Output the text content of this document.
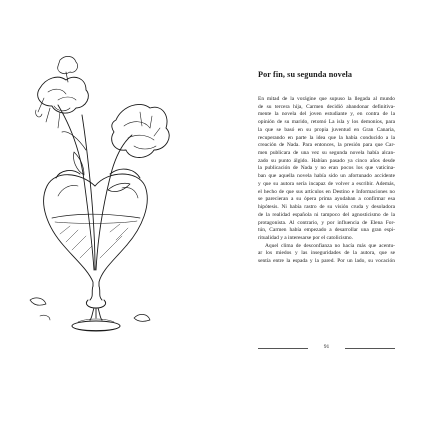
Por fin, su segunda novela
En mitad de la vorágine que supuso la llegada al mundo
de su tercera hija, Carmen decidió abandonar definitiva-
mente la novela del joven estudiante y, en contra de la
opinión de su marido, retomó La isla y los demonios, para
la que se basó en su propia juventud en Gran Canaria,
recuperando en parte la idea que la había conducido a la
creación de Nada. Para entonces, la presión para que Car-
men publicara de una vez su segunda novela había alcan-
zado su punto álgido. Habían pasado ya cinco años desde
la publicación de Nada y no eran pocos los que vaticina-
ban que aquella novela había sido un afortunado accidente
y que su autora sería incapaz de volver a escribir. Además,
el hecho de que sus artículos en Destino e Informaciones no
se parecieran a su ópera prima ayudaban a confirmar esa
hipótesis. Ni había rastro de su visión cruda y desoladora
de la realidad española ni tampoco del agnosticismo de la
protagonista. Al contrario, y por influencia de Elena For-
tún, Carmen había empezado a desarrollar una gran espi-
ritualidad y a interesarse por el catolicismo.
Aquel clima de desconfianza no hacía más que acentu-
ar los miedos y las inseguridades de la autora, que se
sentía entre la espada y la pared. Por un lado, su vocación
91
